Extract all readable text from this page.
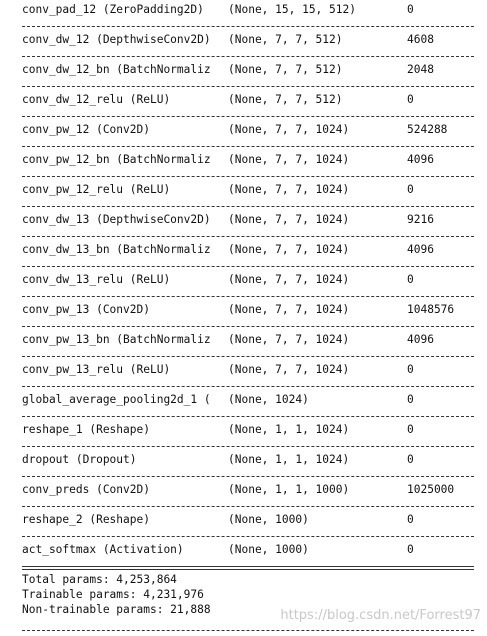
conv_pad_12 (ZeroPadding2D) (None, 15, 15, 512)	0
conv_dw_12 (DepthwiseConv2D) (None, 7, 7, 512)	4608
conv_dw_12_bn (BatchNormaliz (None, 7, 7, 512)	2048
conv_dw_12_relu (ReLU)	(None, 7, 7, 512)	0
conv_pw_12 (Conv2D)	(None, 7, 7, 1024)	524288
conv_pw_12_bn (BatchNormaliz (None, 7, 7, 1024)	4096
conv_pw_12_relu (ReLU)	(None, 7, 7, 1024)	0
conv_dw_13 (DepthwiseConv2D) (None, 7, 7, 1024)	9216
conv_dw_13_bn (BatchNormaliz (None, 7, 7, 1024)	4096
conv_dw_13_relu (ReLU)	(None, 7, 7, 1024)	0
conv_pw_13 (Conv2D)	(None, 7, 7, 1024)	1048576
conv_pw_13_bn (BatchNormaliz (None, 7, 7, 1024)	4096
conv_pw_13_relu (ReLU)	(None, 7, 7, 1024)	0
global_average_pooling2d_1 ( (None, 1024)	0
reshape_1 (Reshape)	(None, 1, 1, 1024)	0
dropout (Dropout)	(None, 1, 1, 1024)	0
conv_preds (Conv2D)	(None, 1, 1, 1000)	1025000
reshape_2 (Reshape)	(None, 1000)	0
act_softmax (Activation)	(None, 1000)	0
Total params: 4,253,864
Trainable params: 4,231,976
Non-trainable params: 21,888	https://blog.csdn.net/Forrest97
